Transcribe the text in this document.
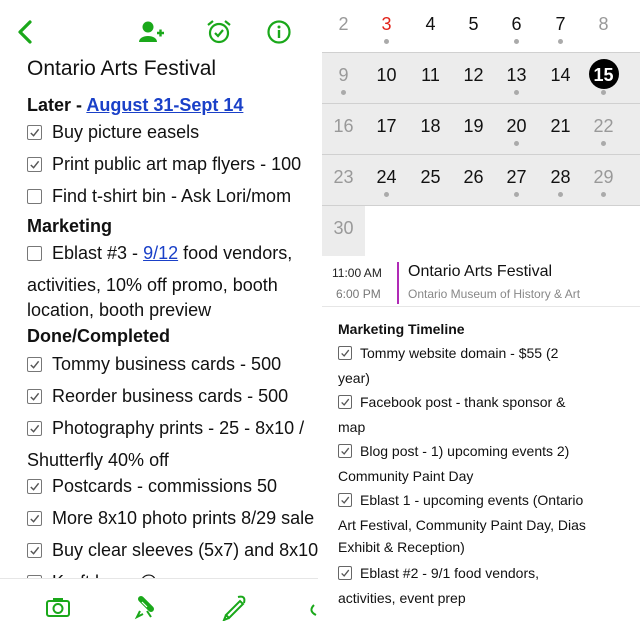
Ontario Arts Festival
Later - August 31-Sept 14
Buy picture easels
Print public art map flyers - 100
Find t-shirt bin - Ask Lori/mom
Marketing
Eblast #3 -
9/12
food vendors,
activities, 10% off promo, booth
location, booth preview
Done/Completed
Tommy business cards - 500
Reorder business cards - 500
Photography prints - 25 - 8x10 /
Shutterfly 40% off
Postcards - commissions 50
More 8x10 photo prints 8/29 sale
Buy clear sleeves (5x7) and 8x10
2	3	4	5	6	7	8
9	10	11	12	13	14	15
16	17	18	19	20	21	22
23	24	25	26	27	28	29
30
11:00 AM
6:00 PM
Ontario Arts Festival
Ontario Museum of History & Art
Marketing Timeline
Tommy website domain - $55 (2
year)
Facebook post - thank sponsor &
map
Blog post - 1) upcoming events 2)
Community Paint Day
Eblast 1 - upcoming events (Ontario
Art Festival, Community Paint Day, Dias
Exhibit & Reception)
Eblast #2 - 9/1 food vendors,
activities, event prep
